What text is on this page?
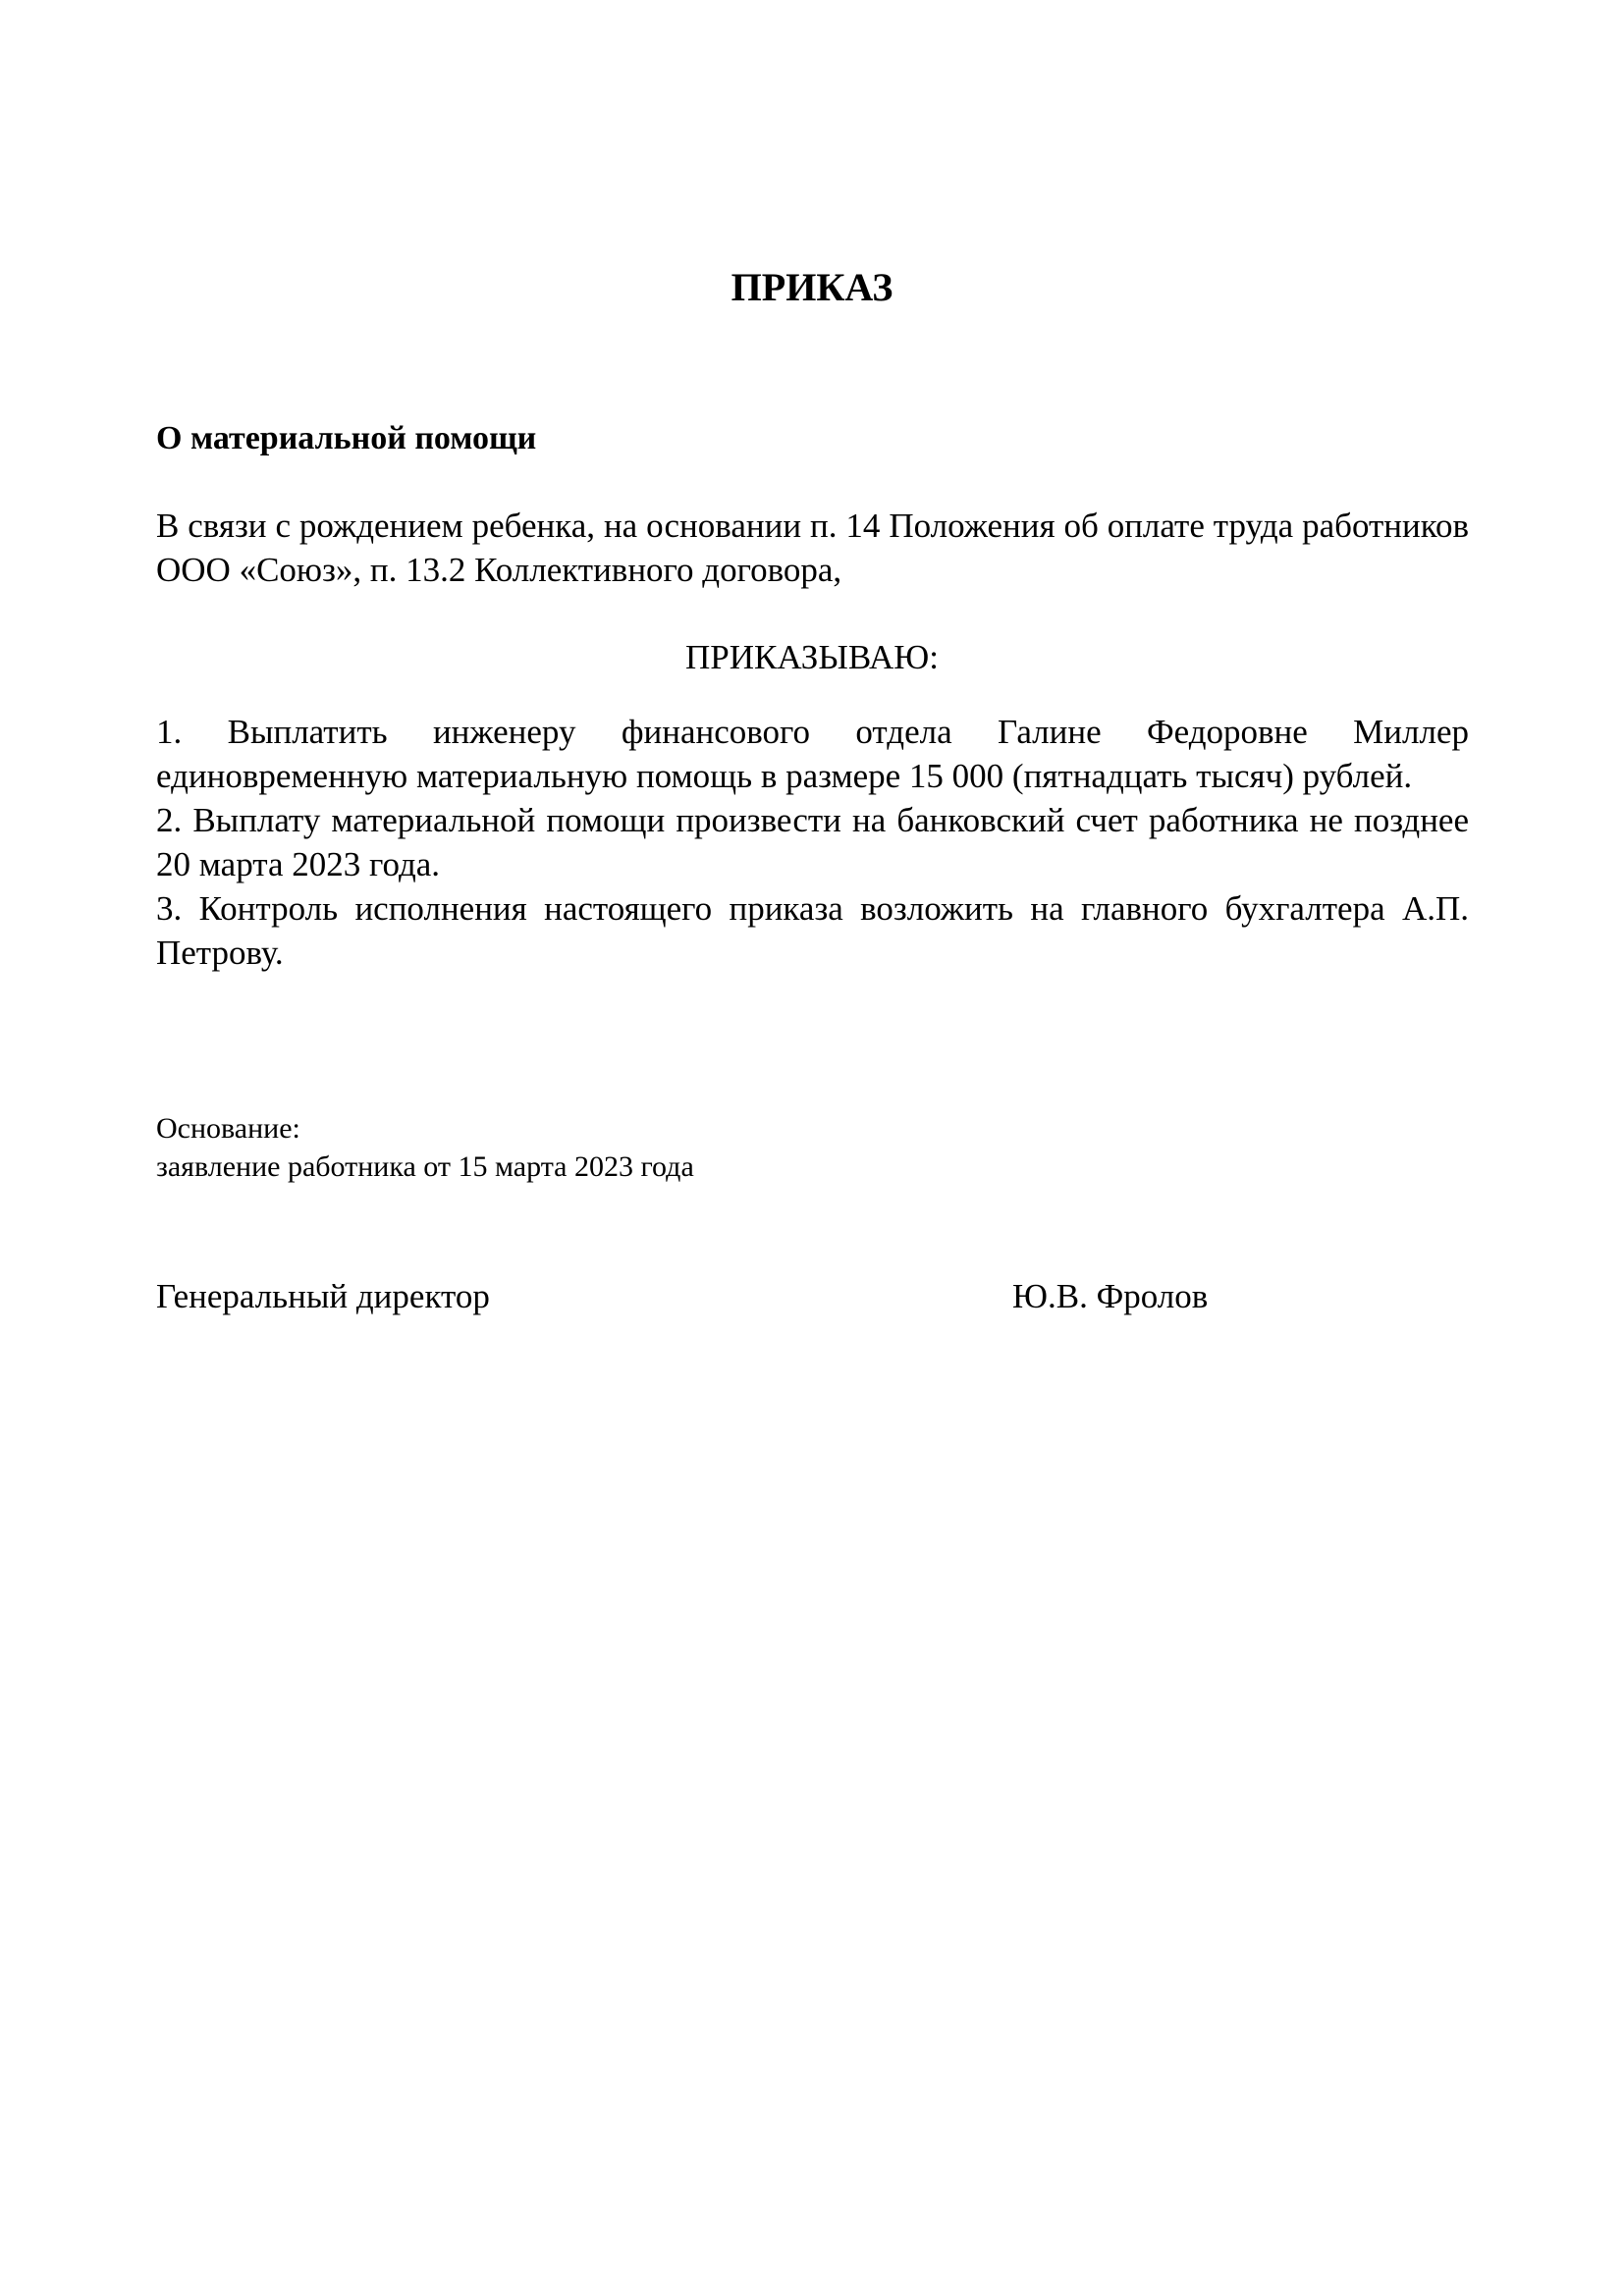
ПРИКАЗ
О материальной помощи

В связи с рождением ребенка, на основании п. 14 Положения об оплате труда работников ООО «Союз», п. 13.2 Коллективного договора,

ПРИКАЗЫВАЮ:

1. Выплатить инженеру финансового отдела Галине Федоровне Миллер единовременную материальную помощь в размере 15 000 (пятнадцать тысяч) рублей.

2. Выплату материальной помощи произвести на банковский счет работника не позднее 20 марта 2023 года.

3. Контроль исполнения настоящего приказа возложить на главного бухгалтера А.П. Петрову.

Основание:
заявление работника от 15 марта 2023 года
Генеральный директор	Ю.В. Фролов
